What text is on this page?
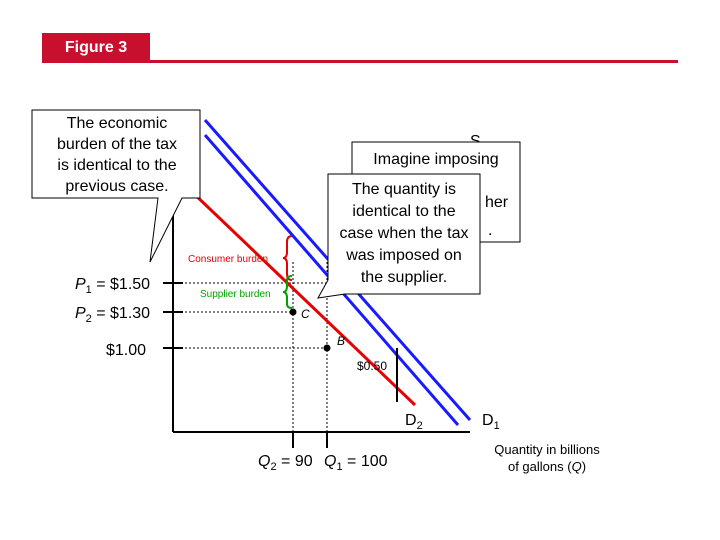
Figure 3
$P_1$ = $1.50
$P_2$ = $1.30
$1.00
$Q_2 = 90$ $Q_1 = 100$
Quantity in billions
of gallons (Q)
$D_2$	$D_1$
C
B
$0.50
Consumer burden
Supplier burden
The economic
burden of the tax
is identical to the
previous case.
Imagine imposing
her
.
The quantity is
identical to the
case when the tax
was imposed on
the supplier.
